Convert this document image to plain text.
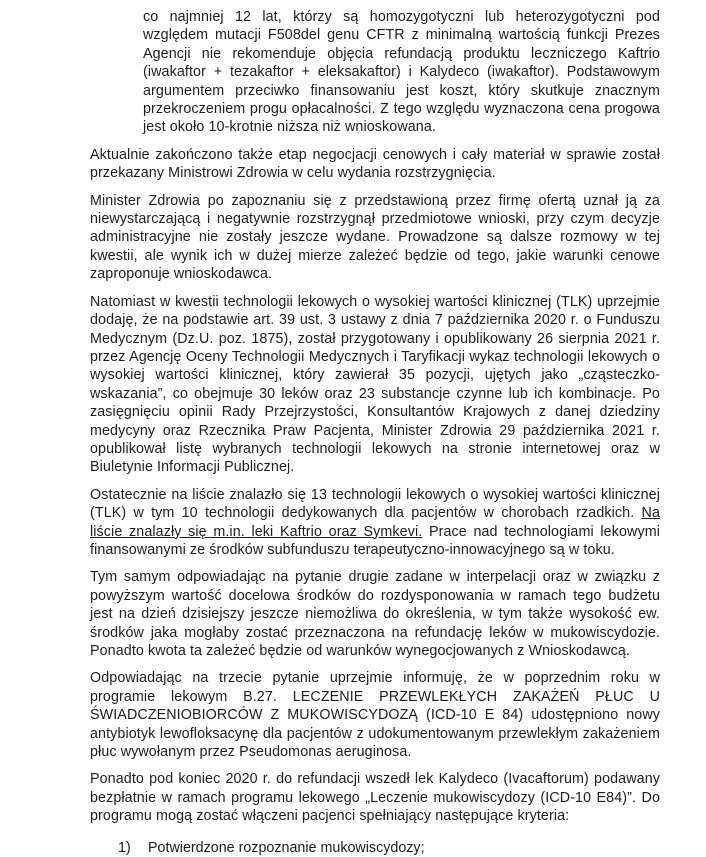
co najmniej 12 lat, którzy są homozygotyczni lub heterozygotyczni pod względem mutacji F508del genu CFTR z minimalną wartością funkcji Prezes Agencji nie rekomenduje objęcia refundacją produktu leczniczego Kaftrio (iwakaftor + tezakaftor + eleksakaftor) i Kalydeco (iwakaftor). Podstawowym argumentem przeciwko finansowaniu jest koszt, który skutkuje znacznym przekroczeniem progu opłacalności. Z tego względu wyznaczona cena progowa jest około 10-krotnie niższa niż wnioskowana.

Aktualnie zakończono także etap negocjacji cenowych i cały materiał w sprawie został przekazany Ministrowi Zdrowia w celu wydania rozstrzygnięcia.

Minister Zdrowia po zapoznaniu się z przedstawioną przez firmę ofertą uznał ją za niewystarczającą i negatywnie rozstrzygnął przedmiotowe wnioski, przy czym decyzje administracyjne nie zostały jeszcze wydane. Prowadzone są dalsze rozmowy w tej kwestii, ale wynik ich w dużej mierze zależeć będzie od tego, jakie warunki cenowe zaproponuje wnioskodawca.

Natomiast w kwestii technologii lekowych o wysokiej wartości klinicznej (TLK) uprzejmie dodaję, że na podstawie art. 39 ust. 3 ustawy z dnia 7 października 2020 r. o Funduszu Medycznym (Dz.U. poz. 1875), został przygotowany i opublikowany 26 sierpnia 2021 r. przez Agencję Oceny Technologii Medycznych i Taryfikacji wykaz technologii lekowych o wysokiej wartości klinicznej, który zawierał 35 pozycji, ujętych jako „cząsteczko-wskazania”, co obejmuje 30 leków oraz 23 substancje czynne lub ich kombinacje. Po zasięgnięciu opinii Rady Przejrzystości, Konsultantów Krajowych z danej dziedziny medycyny oraz Rzecznika Praw Pacjenta, Minister Zdrowia 29 października 2021 r. opublikował listę wybranych technologii lekowych na stronie internetowej oraz w Biuletynie Informacji Publicznej.

Ostatecznie na liście znalazło się 13 technologii lekowych o wysokiej wartości klinicznej (TLK) w tym 10 technologii dedykowanych dla pacjentów w chorobach rzadkich. Na liście znalazły się m.in. leki Kaftrio oraz Symkevi. Prace nad technologiami lekowymi finansowanymi ze środków subfunduszu terapeutyczno-innowacyjnego są w toku.

Tym samym odpowiadając na pytanie drugie zadane w interpelacji oraz w związku z powyższym wartość docelowa środków do rozdysponowania w ramach tego budżetu jest na dzień dzisiejszy jeszcze niemożliwa do określenia, w tym także wysokość ew. środków jaka mogłaby zostać przeznaczona na refundację leków w mukowiscydozie. Ponadto kwota ta zależeć będzie od warunków wynegocjowanych z Wnioskodawcą.

Odpowiadając na trzecie pytanie uprzejmie informuję, że w poprzednim roku w programie lekowym B.27. LECZENIE PRZEWLEKŁYCH ZAKAŻEŃ PŁUC U ŚWIADCZENIOBIORCÓW Z MUKOWISCYDOZĄ (ICD-10 E 84) udostępniono nowy antybiotyk lewofloksacynę dla pacjentów z udokumentowanym przewlekłym zakażeniem płuc wywołanym przez Pseudomonas aeruginosa.

Ponadto pod koniec 2020 r. do refundacji wszedł lek Kalydeco (Ivacaftorum) podawany bezpłatnie w ramach programu lekowego „Leczenie mukowiscydozy (ICD-10 E84)”. Do programu mogą zostać włączeni pacjenci spełniający następujące kryteria:

1)	Potwierdzone rozpoznanie mukowiscydozy;
